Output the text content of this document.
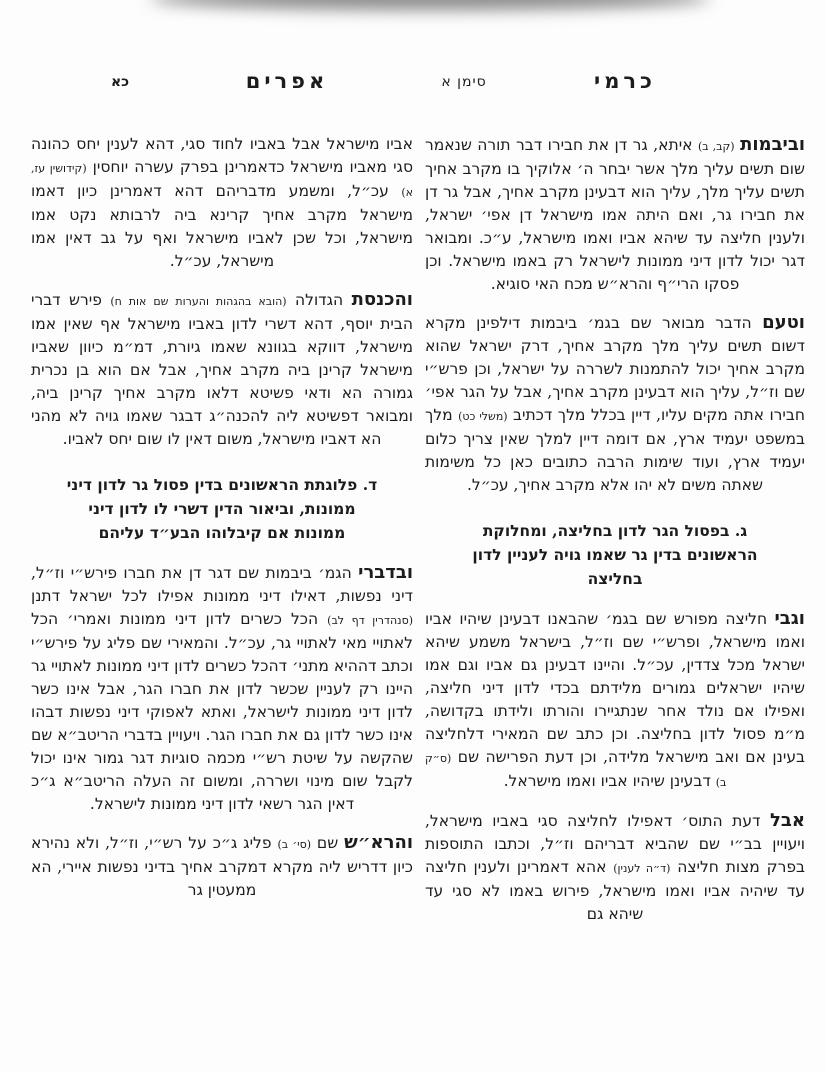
כרמי
סימן א
אפרים
כא

וביבמות (קב, ב) איתא, גר דן את חבירו דבר תורה שנאמר שום תשים עליך מלך אשר יבחר ה׳ אלוקיך בו מקרב אחיך תשים עליך מלך, עליך הוא דבעינן מקרב אחיך, אבל גר דן את חבירו גר, ואם היתה אמו מישראל דן אפי׳ ישראל, ולענין חליצה עד שיהא אביו ואמו מישראל, ע״כ. ומבואר דגר יכול לדון דיני ממונות לישראל רק באמו מישראל. וכן פסקו הרי״ף והרא״ש מכח האי סוגיא.

וטעם הדבר מבואר שם בגמ׳ ביבמות דילפינן מקרא דשום תשים עליך מלך מקרב אחיך, דרק ישראל שהוא מקרב אחיך יכול להתמנות לשררה על ישראל, וכן פרש״י שם וז״ל, עליך הוא דבעינן מקרב אחיך, אבל על הגר אפי׳ חבירו אתה מקים עליו, דיין בכלל מלך דכתיב (משלי כט) מלך במשפט יעמיד ארץ, אם דומה דיין למלך שאין צריך כלום יעמיד ארץ, ועוד שימות הרבה כתובים כאן כל משימות שאתה משים לא יהו אלא מקרב אחיך, עכ״ל.

ג. בפסול הגר לדון בחליצה, ומחלוקת הראשונים בדין גר שאמו גויה לעניין לדון בחליצה

וגבי חליצה מפורש שם בגמ׳ שהבאנו דבעינן שיהיו אביו ואמו מישראל, ופרש״י שם וז״ל, בישראל משמע שיהא ישראל מכל צדדין, עכ״ל. והיינו דבעינן גם אביו וגם אמו שיהיו ישראלים גמורים מלידתם בכדי לדון דיני חליצה, ואפילו אם נולד אחר שנתגיירו והורתו ולידתו בקדושה, מ״מ פסול לדון בחליצה. וכן כתב שם המאירי דלחליצה בעינן אם ואב מישראל מלידה, וכן דעת הפרישה שם (ס״ק ב) דבעינן שיהיו אביו ואמו מישראל.

אבל דעת התוס׳ דאפילו לחליצה סגי באביו מישראל, ויעויין בב״י שם שהביא דבריהם וז״ל, וכתבו התוספות בפרק מצות חליצה (ד״ה לענין) אהא דאמרינן ולענין חליצה עד שיהיה אביו ואמו מישראל, פירוש באמו לא סגי עד שיהא גם

אביו מישראל אבל באביו לחוד סגי, דהא לענין יחס כהונה סגי מאביו מישראל כדאמרינן בפרק עשרה יוחסין (קידושין עז, א) עכ״ל, ומשמע מדבריהם דהא דאמרינן כיון דאמו מישראל מקרב אחיך קרינא ביה לרבותא נקט אמו מישראל, וכל שכן לאביו מישראל ואף על גב דאין אמו מישראל, עכ״ל.

והכנסת הגדולה (הובא בהגהות והערות שם אות ח) פירש דברי הבית יוסף, דהא דשרי לדון באביו מישראל אף שאין אמו מישראל, דווקא בגוונא שאמו גיורת, דמ״מ כיוון שאביו מישראל קרינן ביה מקרב אחיך, אבל אם הוא בן נכרית גמורה הא ודאי פשיטא דלאו מקרב אחיך קרינן ביה, ומבואר דפשיטא ליה להכנה״ג דבגר שאמו גויה לא מהני הא דאביו מישראל, משום דאין לו שום יחס לאביו.

ד. פלוגתת הראשונים בדין פסול גר לדון דיני ממונות, וביאור הדין דשרי לו לדון דיני ממונות אם קיבלוהו הבע״ד עליהם

ובדברי הגמ׳ ביבמות שם דגר דן את חברו פירש״י וז״ל, דיני נפשות, דאילו דיני ממונות אפילו לכל ישראל דתנן (סנהדרין דף לב) הכל כשרים לדון דיני ממונות ואמרי׳ הכל לאתויי מאי לאתויי גר, עכ״ל. והמאירי שם פליג על פירש״י וכתב דההיא מתני׳ דהכל כשרים לדון דיני ממונות לאתויי גר היינו רק לעניין שכשר לדון את חברו הגר, אבל אינו כשר לדון דיני ממונות לישראל, ואתא לאפוקי דיני נפשות דבהו אינו כשר לדון גם את חברו הגר. ויעויין בדברי הריטב״א שם שהקשה על שיטת רש״י מכמה סוגיות דגר גמור אינו יכול לקבל שום מינוי ושררה, ומשום זה העלה הריטב״א ג״כ דאין הגר רשאי לדון דיני ממונות לישראל.

והרא״ש שם (סי׳ ב) פליג ג״כ על רש״י, וז״ל, ולא נהירא כיון דדריש ליה מקרא דמקרב אחיך בדיני נפשות איירי, הא ממעטין גר
